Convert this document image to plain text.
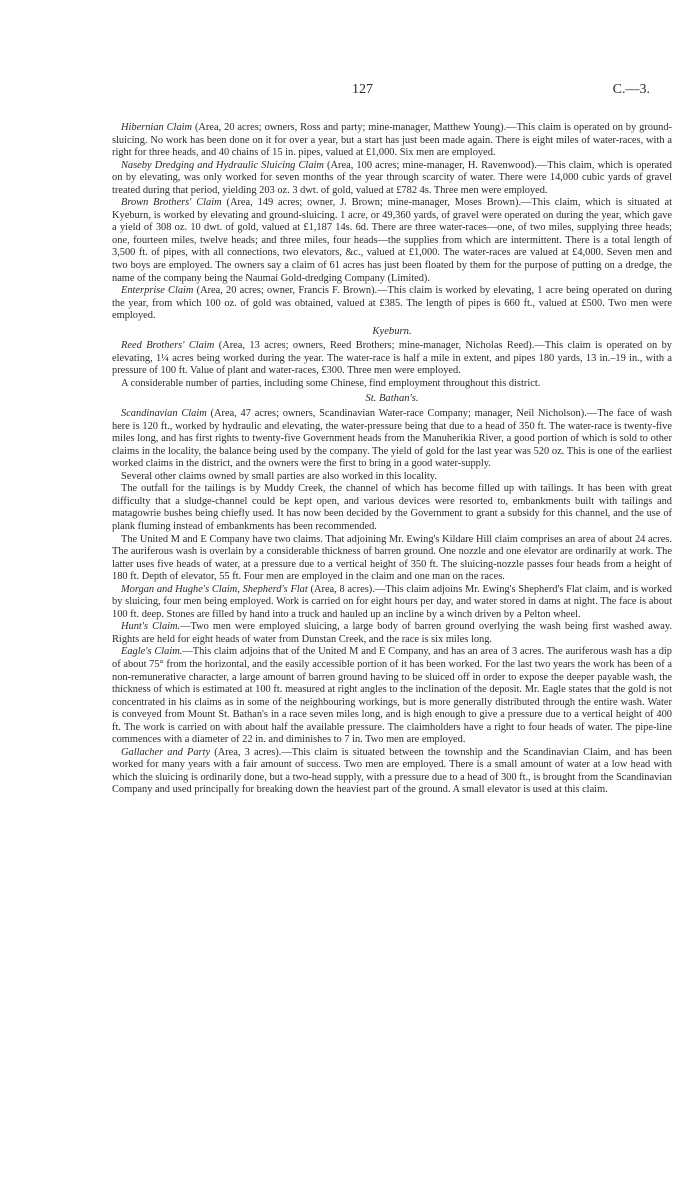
127	C.—3.

Hibernian Claim (Area, 20 acres; owners, Ross and party; mine-manager, Matthew Young).—This claim is operated on by ground-sluicing. No work has been done on it for over a year, but a start has just been made again. There is eight miles of water-races, with a right for three heads, and 40 chains of 15 in. pipes, valued at £1,000. Six men are employed.

Naseby Dredging and Hydraulic Sluicing Claim (Area, 100 acres; mine-manager, H. Ravenwood).—This claim, which is operated on by elevating, was only worked for seven months of the year through scarcity of water. There were 14,000 cubic yards of gravel treated during that period, yielding 203 oz. 3 dwt. of gold, valued at £782 4s. Three men were employed.

Brown Brothers' Claim (Area, 149 acres; owner, J. Brown; mine-manager, Moses Brown).—This claim, which is situated at Kyeburn, is worked by elevating and ground-sluicing. 1 acre, or 49,360 yards, of gravel were operated on during the year, which gave a yield of 308 oz. 10 dwt. of gold, valued at £1,187 14s. 6d. There are three water-races—one, of two miles, supplying three heads; one, fourteen miles, twelve heads; and three miles, four heads—the supplies from which are intermittent. There is a total length of 3,500 ft. of pipes, with all connections, two elevators, &c., valued at £1,000. The water-races are valued at £4,000. Seven men and two boys are employed. The owners say a claim of 61 acres has just been floated by them for the purpose of putting on a dredge, the name of the company being the Naumai Gold-dredging Company (Limited).

Enterprise Claim (Area, 20 acres; owner, Francis F. Brown).—This claim is worked by elevating, 1 acre being operated on during the year, from which 100 oz. of gold was obtained, valued at £385. The length of pipes is 660 ft., valued at £500. Two men were employed.

Kyeburn.

Reed Brothers' Claim (Area, 13 acres; owners, Reed Brothers; mine-manager, Nicholas Reed).—This claim is operated on by elevating, 1¼ acres being worked during the year. The water-race is half a mile in extent, and pipes 180 yards, 13 in.–19 in., with a pressure of 100 ft. Value of plant and water-races, £300. Three men were employed.

A considerable number of parties, including some Chinese, find employment throughout this district.

St. Bathan's.

Scandinavian Claim (Area, 47 acres; owners, Scandinavian Water-race Company; manager, Neil Nicholson).—The face of wash here is 120 ft., worked by hydraulic and elevating, the water-pressure being that due to a head of 350 ft. The water-race is twenty-five miles long, and has first rights to twenty-five Government heads from the Manuherikia River, a good portion of which is sold to other claims in the locality, the balance being used by the company. The yield of gold for the last year was 520 oz. This is one of the earliest worked claims in the district, and the owners were the first to bring in a good water-supply.

Several other claims owned by small parties are also worked in this locality.

The outfall for the tailings is by Muddy Creek, the channel of which has become filled up with tailings. It has been with great difficulty that a sludge-channel could be kept open, and various devices were resorted to, embankments built with tailings and matagowrie bushes being chiefly used. It has now been decided by the Government to grant a subsidy for this channel, and the use of plank fluming instead of embankments has been recommended.

The United M and E Company have two claims. That adjoining Mr. Ewing's Kildare Hill claim comprises an area of about 24 acres. The auriferous wash is overlain by a considerable thickness of barren ground. One nozzle and one elevator are ordinarily at work. The latter uses five heads of water, at a pressure due to a vertical height of 350 ft. The sluicing-nozzle passes four heads from a height of 180 ft. Depth of elevator, 55 ft. Four men are employed in the claim and one man on the races.

Morgan and Hughe's Claim, Shepherd's Flat (Area, 8 acres).—This claim adjoins Mr. Ewing's Shepherd's Flat claim, and is worked by sluicing, four men being employed. Work is carried on for eight hours per day, and water stored in dams at night. The face is about 100 ft. deep. Stones are filled by hand into a truck and hauled up an incline by a winch driven by a Pelton wheel.

Hunt's Claim.—Two men were employed sluicing, a large body of barren ground overlying the wash being first washed away. Rights are held for eight heads of water from Dunstan Creek, and the race is six miles long.

Eagle's Claim.—This claim adjoins that of the United M and E Company, and has an area of 3 acres. The auriferous wash has a dip of about 75° from the horizontal, and the easily accessible portion of it has been worked. For the last two years the work has been of a non-remunerative character, a large amount of barren ground having to be sluiced off in order to expose the deeper payable wash, the thickness of which is estimated at 100 ft. measured at right angles to the inclination of the deposit. Mr. Eagle states that the gold is not concentrated in his claims as in some of the neighbouring workings, but is more generally distributed through the entire wash. Water is conveyed from Mount St. Bathan's in a race seven miles long, and is high enough to give a pressure due to a vertical height of 400 ft. The work is carried on with about half the available pressure. The claimholders have a right to four heads of water. The pipe-line commences with a diameter of 22 in. and diminishes to 7 in. Two men are employed.

Gallacher and Party (Area, 3 acres).—This claim is situated between the township and the Scandinavian Claim, and has been worked for many years with a fair amount of success. Two men are employed. There is a small amount of water at a low head with which the sluicing is ordinarily done, but a two-head supply, with a pressure due to a head of 300 ft., is brought from the Scandinavian Company and used principally for breaking down the heaviest part of the ground. A small elevator is used at this claim.
